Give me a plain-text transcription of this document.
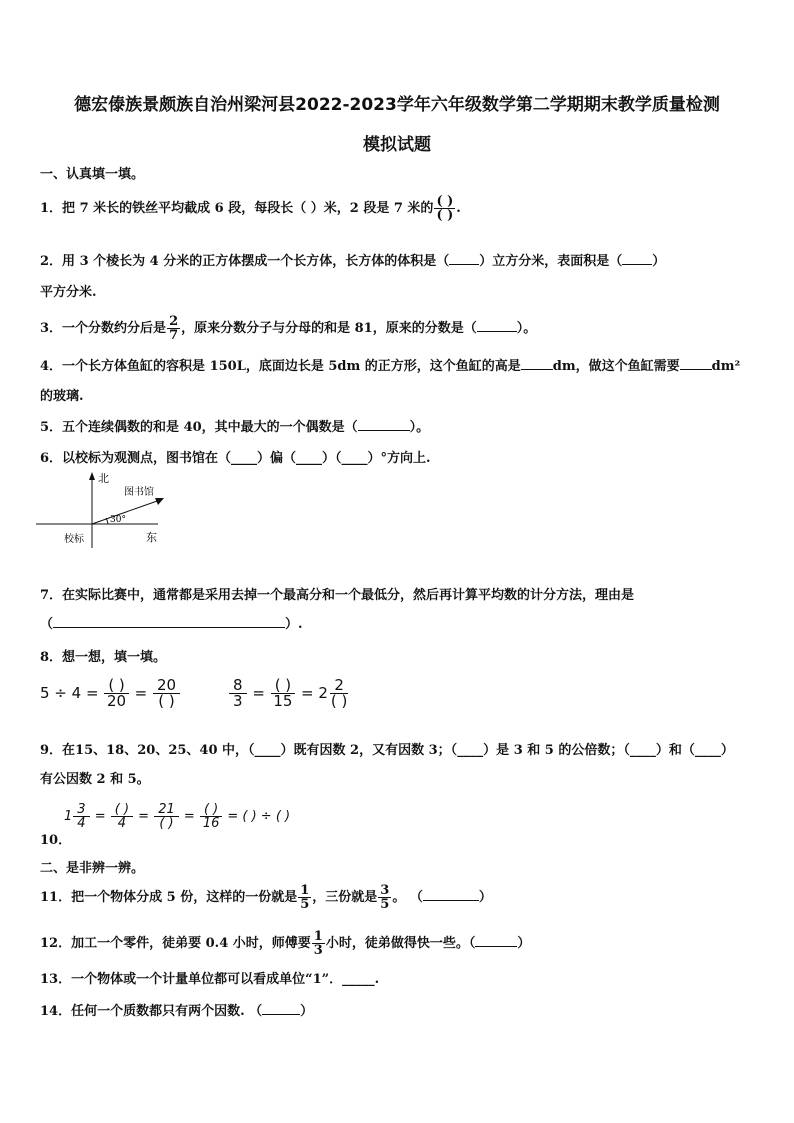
德宏傣族景颇族自治州梁河县2022-2023学年六年级数学第二学期期末教学质量检测
模拟试题
一、认真填一填。
1．把 7 米长的铁丝平均截成 6 段，每段长（ ）米，2 段是 7 米的 $\frac{( )}{( )}$ .
2．用 3 个棱长为 4 分米的正方体摆成一个长方体，长方体的体积是（ ）立方分米，表面积是（ ）
平方分米.
3．一个分数约分后是 $\frac{2}{7}$ ，原来分数分子与分母的和是 81，原来的分数是（	）。
4．一个长方体鱼缸的容积是 150L，底面边长是 5dm 的正方形，这个鱼缸的高是 dm，做这个鱼缸需要 dm²
的玻璃.
5．五个连续偶数的和是 40，其中最大的一个偶数是（	）。
6．以校标为观测点，图书馆在（____）偏（____）（____）°方向上.
北
图书馆
30°
校标	东
7．在实际比赛中，通常都是采用去掉一个最高分和一个最低分，然后再计算平均数的计分方法，理由是
（	）.
8．想一想，填一填。
$5 \div 4 = \frac{( )}{20} = \frac{20}{( )}$	$\frac{8}{3} = \frac{( )}{15} = 2 \frac{2}{( )}$
9．在15、18、20、25、40 中，（____）既有因数 2，又有因数 3；（____）是 3 和 5 的公倍数；（____）和（____）
有公因数 2 和 5。
10．
$1 \frac{3}{4} = \frac{( )}{4} = \frac{21}{( )} = \frac{( )}{16}$ = ( ) ÷ ( )
二、是非辨一辨。
11．把一个物体分成 5 份，这样的一份就是 $\frac{1}{5}$ ，三份就是 $\frac{3}{5}$ 。 （	）
12．加工一个零件，徒弟要 0.4 小时，师傅要 $\frac{1}{3}$ 小时，徒弟做得快一些。（	）
13．一个物体或一个计量单位都可以看成单位“1”．_____.
14．任何一个质数都只有两个因数. （	）
